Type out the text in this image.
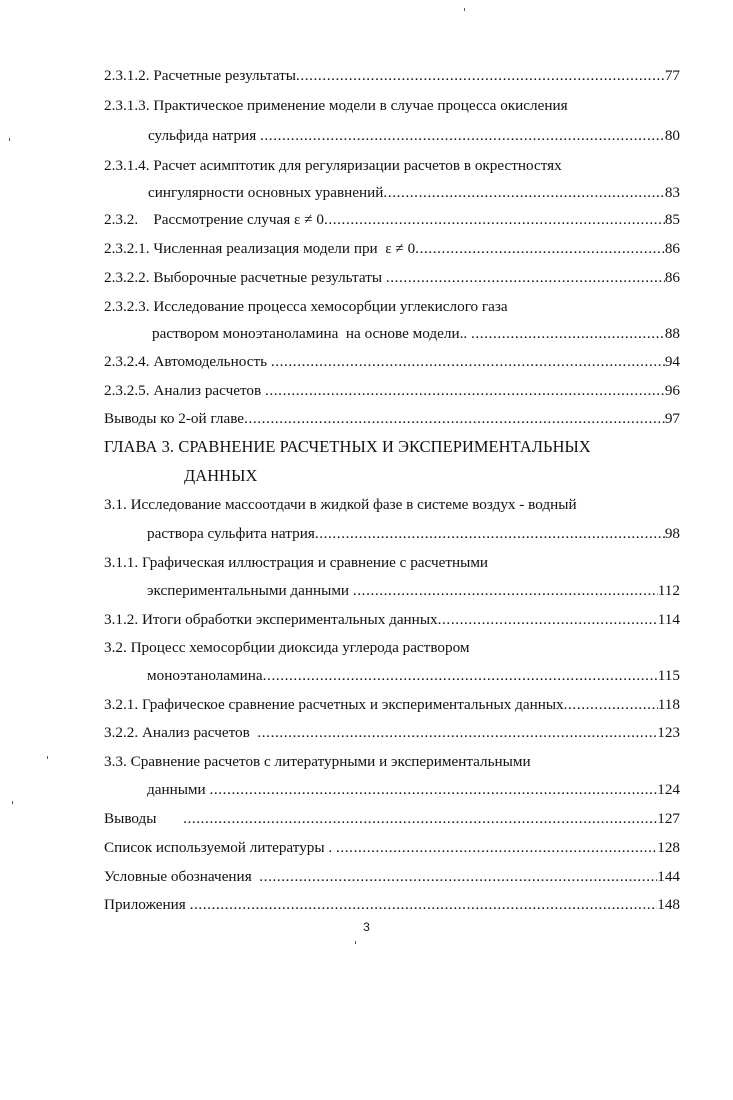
2.3.1.2. Расчетные результаты .....	77
2.3.1.3. Практическое применение модели в случае процесса окисления
сульфида натрия .....	80
2.3.1.4. Расчет асимптотик для регуляризации расчетов в окрестностях
сингулярности основных уравнений .....	83
2.3.2.    Рассмотрение случая ε ≠ 0 .....	85
2.3.2.1. Численная реализация модели при  ε ≠ 0 .....	86
2.3.2.2. Выборочные расчетные результаты .....	86
2.3.2.3. Исследование процесса хемосорбции углекислого газа
раствором моноэтаноламина  на основе модели.. .....	88
2.3.2.4. Автомодельность .....	94
2.3.2.5. Анализ расчетов .....	96
Выводы ко 2-ой главе .....	97
ГЛАВА 3. СРАВНЕНИЕ РАСЧЕТНЫХ И ЭКСПЕРИМЕНТАЛЬНЫХ
ДАННЫХ
3.1. Исследование массоотдачи в жидкой фазе в системе воздух - водный
раствора сульфита натрия .....	98
3.1.1. Графическая иллюстрация и сравнение с расчетными
экспериментальными данными .....	112
3.1.2. Итоги обработки экспериментальных данных .....	114
3.2. Процесс хемосорбции диоксида углерода раствором
моноэтаноламина .....	115
3.2.1. Графическое сравнение расчетных и экспериментальных данных .....	118
3.2.2. Анализ расчетов .....	123
3.3. Сравнение расчетов с литературными и экспериментальными
данными .....	124
Выводы .....	127
Список используемой литературы . .....	128
Условные обозначения .....	144
Приложения .....	148
3
